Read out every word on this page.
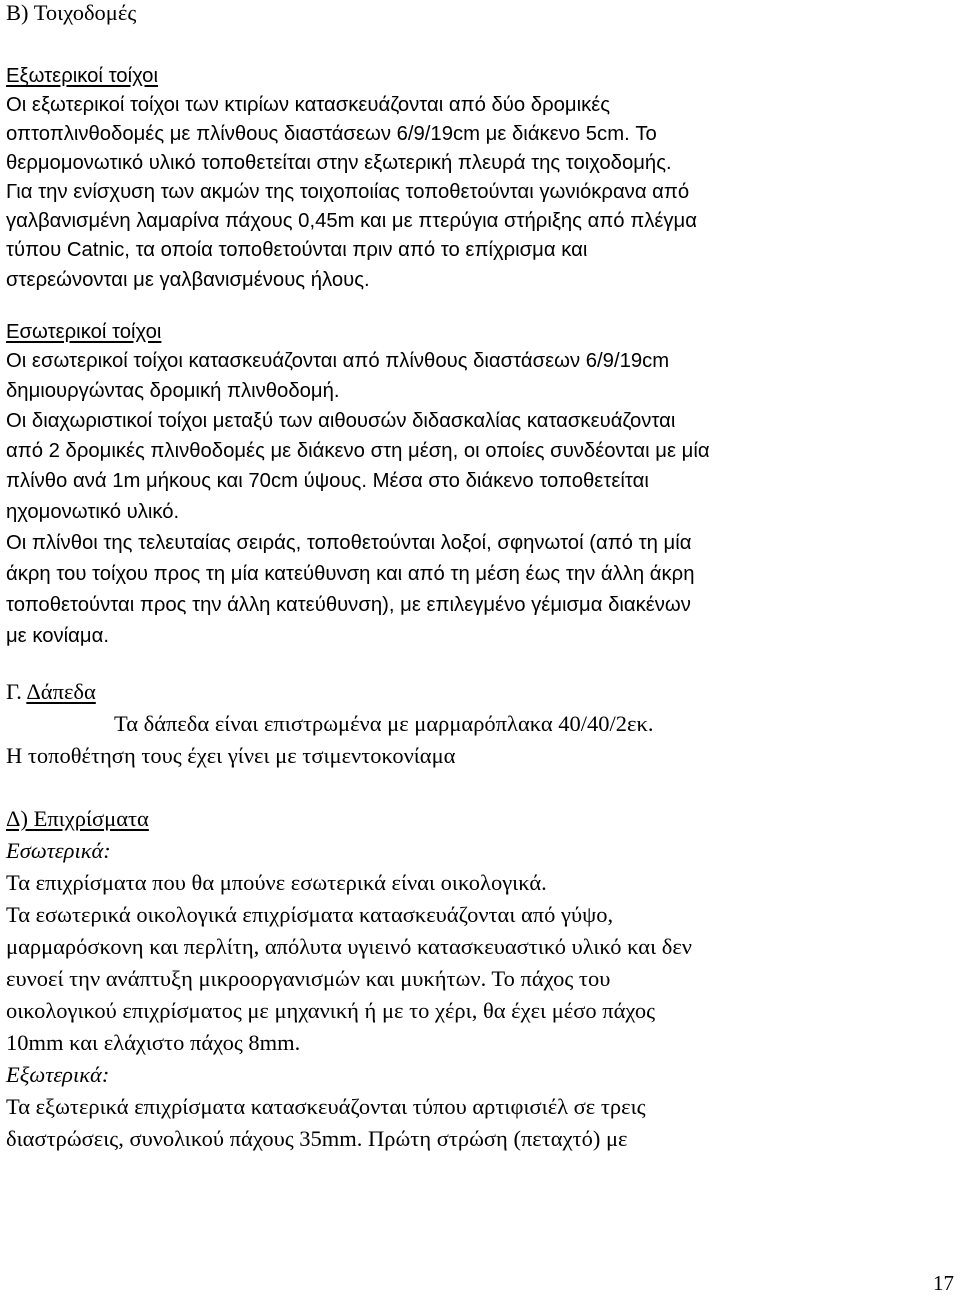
Β) Τοιχοδομές

Εξωτερικοί τοίχοι

Οι εξωτερικοί τοίχοι των κτιρίων κατασκευάζονται από δύο δρομικές

οπτοπλινθοδομές με πλίνθους διαστάσεων 6/9/19cm με διάκενο 5cm. Το

θερμομονωτικό υλικό τοποθετείται στην εξωτερική πλευρά της τοιχοδομής.

Για την ενίσχυση των ακμών της τοιχοποιίας τοποθετούνται γωνιόκρανα από

γαλβανισμένη λαμαρίνα πάχους 0,45m και με πτερύγια στήριξης από πλέγμα

τύπου Catnic, τα οποία τοποθετούνται πριν από το επίχρισμα και

στερεώνονται με γαλβανισμένους ήλους.

Εσωτερικοί τοίχοι

Οι εσωτερικοί τοίχοι κατασκευάζονται από πλίνθους διαστάσεων 6/9/19cm

δημιουργώντας δρομική πλινθοδομή.

Οι διαχωριστικοί τοίχοι μεταξύ των αιθουσών διδασκαλίας κατασκευάζονται

από 2 δρομικές πλινθοδομές με διάκενο στη μέση, οι οποίες συνδέονται με μία

πλίνθο ανά 1m μήκους και 70cm ύψους. Μέσα στο διάκενο τοποθετείται

ηχομονωτικό υλικό.

Οι πλίνθοι της τελευταίας σειράς, τοποθετούνται λοξοί, σφηνωτοί (από τη μία

άκρη του τοίχου προς τη μία κατεύθυνση και από τη μέση έως την άλλη άκρη

τοποθετούνται προς την άλλη κατεύθυνση), με επιλεγμένο γέμισμα διακένων

με κονίαμα.

Γ. Δάπεδα

Τα δάπεδα είναι επιστρωμένα με μαρμαρόπλακα 40/40/2εκ.

Η τοποθέτηση τους έχει γίνει με τσιμεντοκονίαμα

Δ) Επιχρίσματα

Εσωτερικά:

Τα επιχρίσματα που θα μπούνε εσωτερικά είναι οικολογικά.

Τα εσωτερικά οικολογικά επιχρίσματα κατασκευάζονται από γύψο,

μαρμαρόσκονη και περλίτη, απόλυτα υγιεινό κατασκευαστικό υλικό και δεν

ευνοεί την ανάπτυξη μικροοργανισμών και μυκήτων. Το πάχος του

οικολογικού επιχρίσματος με μηχανική ή με το χέρι, θα έχει μέσο πάχος

10mm και ελάχιστο πάχος 8mm.

Εξωτερικά:

Τα εξωτερικά επιχρίσματα κατασκευάζονται τύπου αρτιφισιέλ σε τρεις

διαστρώσεις, συνολικού πάχους 35mm. Πρώτη στρώση (πεταχτό) με

17
